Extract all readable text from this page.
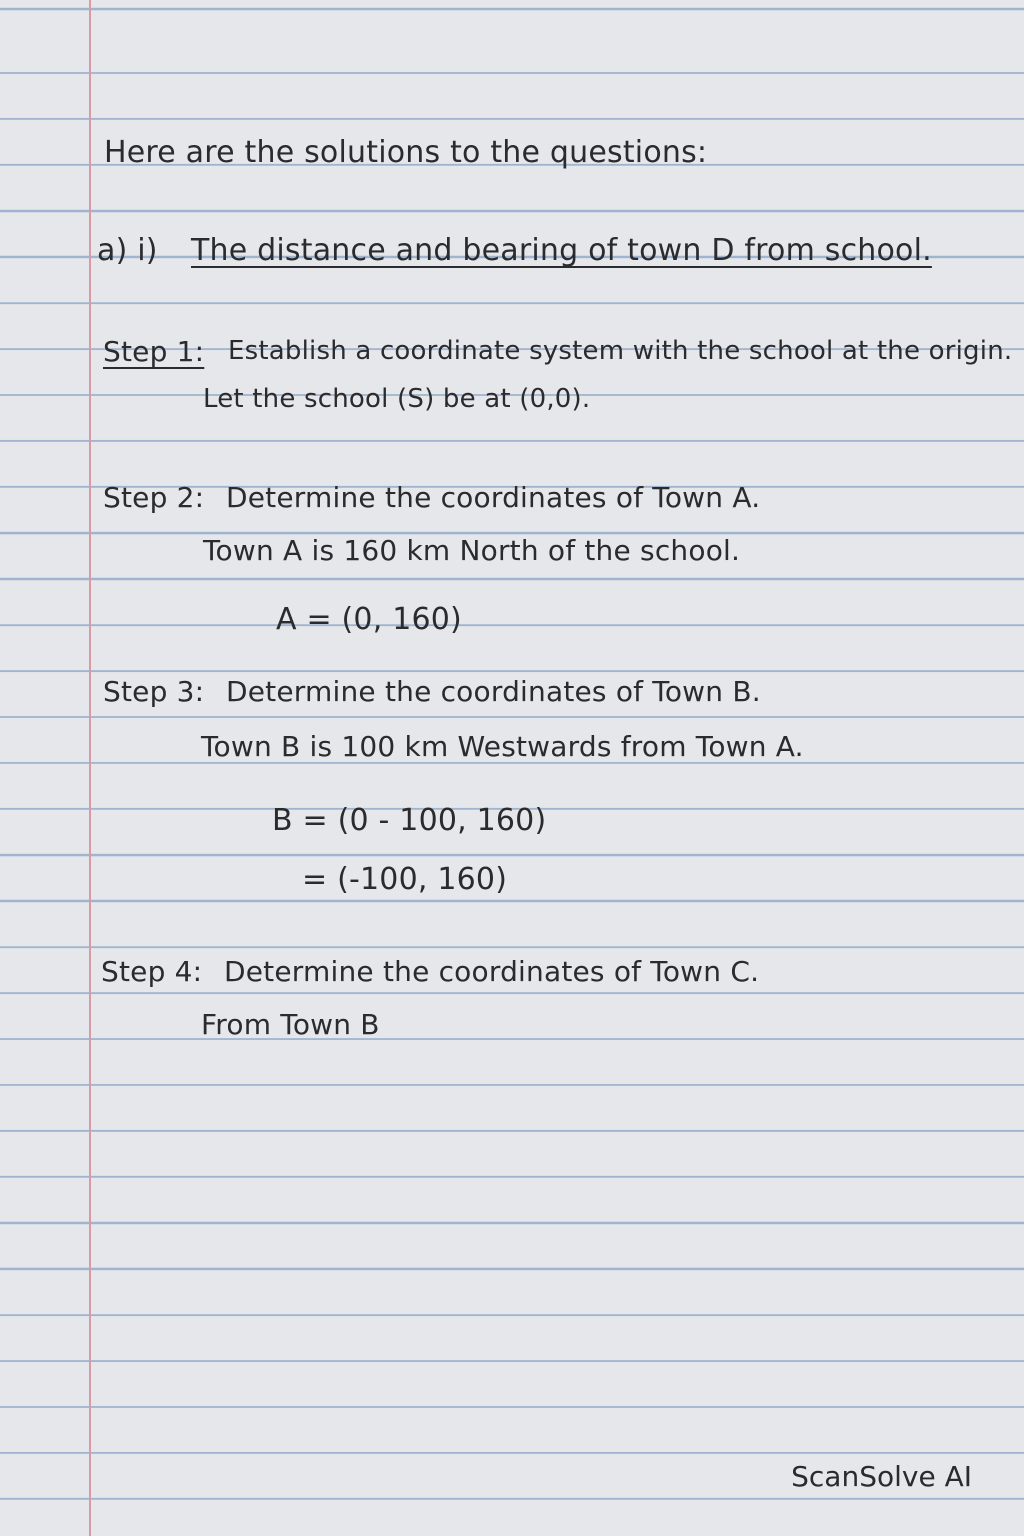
Here are the solutions to the questions:
a) i) The distance and bearing of town D from school.
Step 1: Establish a coordinate system with the school at the origin.
Let the school (S) be at (0,0).
Step 2: Determine the coordinates of Town A.
Town A is 160 km North of the school.
A = (0, 160)
Step 3: Determine the coordinates of Town B.
Town B is 100 km Westwards from Town A.
B = (0 - 100, 160)
= (-100, 160)
Step 4: Determine the coordinates of Town C.
From Town B
ScanSolve AI
